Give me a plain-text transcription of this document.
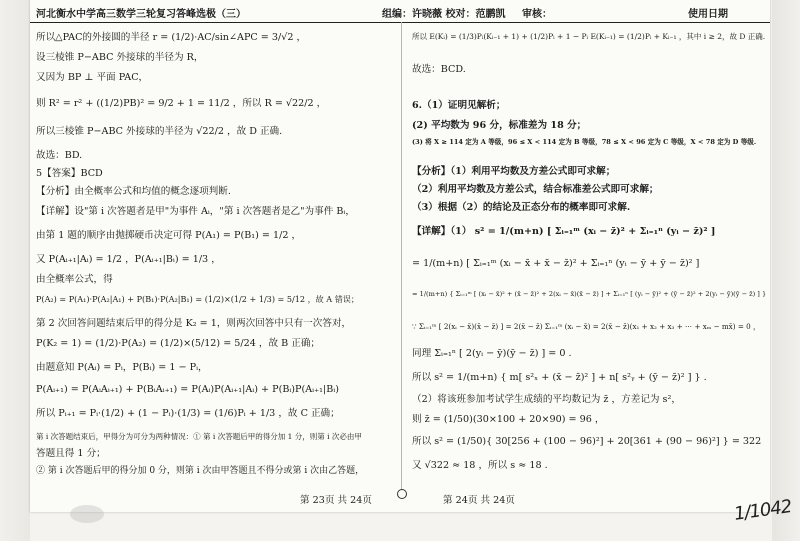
河北衡水中学高三数学三轮复习答峰选极（三）	组编：许晓薇 校对：范鹏凯 审核：	使用日期
所以△PAC的外接圆的半径 r = (1/2)·AC/sin∠APC = 3/√2 ，
设三棱锥 P−ABC 外接球的半径为 R，
又因为 BP ⊥ 平面 PAC，
则 R² = r² + ((1/2)PB)² = 9/2 + 1 = 11/2 ，所以 R = √22/2 ，
所以三棱锥 P−ABC 外接球的半径为 √22/2 ，故 D 正确.
故选：BD.
5【答案】BCD
【分析】由全概率公式和均值的概念逐项判断.
【详解】设"第 i 次答题者是甲"为事件 Aᵢ，"第 i 次答题者是乙"为事件 Bᵢ，
由第 1 题的顺序由抛掷硬币决定可得 P(A₁) = P(B₁) = 1/2 ，
又 P(Aᵢ₊₁|Aᵢ) = 1/2 ，P(Aᵢ₊₁|Bᵢ) = 1/3 ，
由全概率公式，得
P(A₂) = P(A₁)·P(A₂|A₁) + P(B₁)·P(A₂|B₁) = (1/2)×(1/2 + 1/3) = 5/12 ，故 A 错误；
第 2 次回答问题结束后甲的得分是 K₂ = 1，则两次回答中只有一次答对，
P(K₂ = 1) = (1/2)·P(A₂) = (1/2)×(5/12) = 5/24 ，故 B 正确；
由题意知 P(Aᵢ) = Pᵢ，P(Bᵢ) = 1 − Pᵢ，
P(Aᵢ₊₁) = P(AᵢAᵢ₊₁) + P(BᵢAᵢ₊₁) = P(Aᵢ)P(Aᵢ₊₁|Aᵢ) + P(Bᵢ)P(Aᵢ₊₁|Bᵢ)
所以 Pᵢ₊₁ = Pᵢ·(1/2) + (1 − Pᵢ)·(1/3) = (1/6)Pᵢ + 1/3 ，故 C 正确；
第 i 次答题结束后，甲得分为可分为两种情况：① 第 i 次答题后甲的得分加 1 分，则第 i 次必由甲
答题且得 1 分；
② 第 i 次答题后甲的得分加 0 分，则第 i 次由甲答题且不得分或第 i 次由乙答题，
所以 E(Kᵢ) = (1/3)Pᵢ(Kᵢ₋₁ + 1) + (1/2)Pᵢ + 1 − Pᵢ E(Kᵢ₋₁) = (1/2)Pᵢ + Kᵢ₋₁ ，其中 i ≥ 2，故 D 正确.
故选：BCD.
6.（1）证明见解析；
(2) 平均数为 96 分，标准差为 18 分；
(3) 将 X ≥ 114 定为 A 等级，96 ≤ X < 114 定为 B 等级，78 ≤ X < 96 定为 C 等级，X < 78 定为 D 等级.
【分析】（1）利用平均数及方差公式即可求解；
（2）利用平均数及方差公式，结合标准差公式即可求解；
（3）根据（2）的结论及正态分布的概率即可求解.
【详解】（1） s² = 1/(m+n) [ Σᵢ₌₁ᵐ (xᵢ − z̄)² + Σᵢ₌₁ⁿ (yᵢ − z̄)² ]
= 1/(m+n) [ Σᵢ₌₁ᵐ (xᵢ − x̄ + x̄ − z̄)² + Σᵢ₌₁ⁿ (yᵢ − ȳ + ȳ − z̄)² ]
= 1/(m+n) { Σᵢ₌₁ᵐ [ (xᵢ − x̄)² + (x̄ − z̄)² + 2(xᵢ − x̄)(x̄ − z̄) ] + Σᵢ₌₁ⁿ [ (yᵢ − ȳ)² + (ȳ − z̄)² + 2(yᵢ − ȳ)(ȳ − z̄) ] }
∵ Σᵢ₌₁ᵐ [ 2(xᵢ − x̄)(x̄ − z̄) ] = 2(x̄ − z̄) Σᵢ₌₁ᵐ (xᵢ − x̄) = 2(x̄ − z̄)(x₁ + x₂ + x₃ + ⋯ + xₘ − mx̄) = 0 ，
同理 Σᵢ₌₁ⁿ [ 2(yᵢ − ȳ)(ȳ − z̄) ] = 0 .
所以 s² = 1/(m+n) { m[ s²ₓ + (x̄ − z̄)² ] + n[ s²ᵧ + (ȳ − z̄)² ] } .
（2）将该班参加考试学生成绩的平均数记为 z̄ ，方差记为 s²，
则 z̄ = (1/50)(30×100 + 20×90) = 96 ，
所以 s² = (1/50){ 30[256 + (100 − 96)²] + 20[361 + (90 − 96)²] } = 322
又 √322 ≈ 18 ，所以 s ≈ 18 .
第 23页 共 24页	第 24页 共 24页	1/1042
